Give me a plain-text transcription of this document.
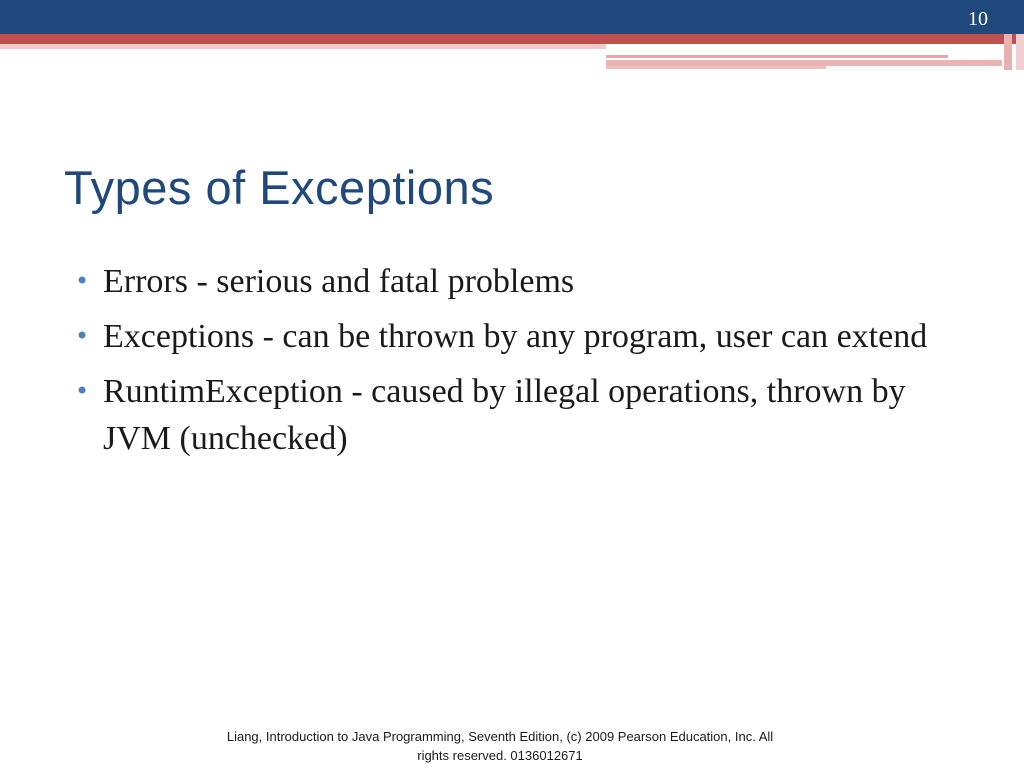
10
Types of Exceptions
• Errors - serious and fatal problems
• Exceptions - can be thrown by any program, user can extend
• RuntimException - caused by illegal operations, thrown by JVM (unchecked)
Liang, Introduction to Java Programming, Seventh Edition, (c) 2009 Pearson Education, Inc. All
rights reserved. 0136012671
